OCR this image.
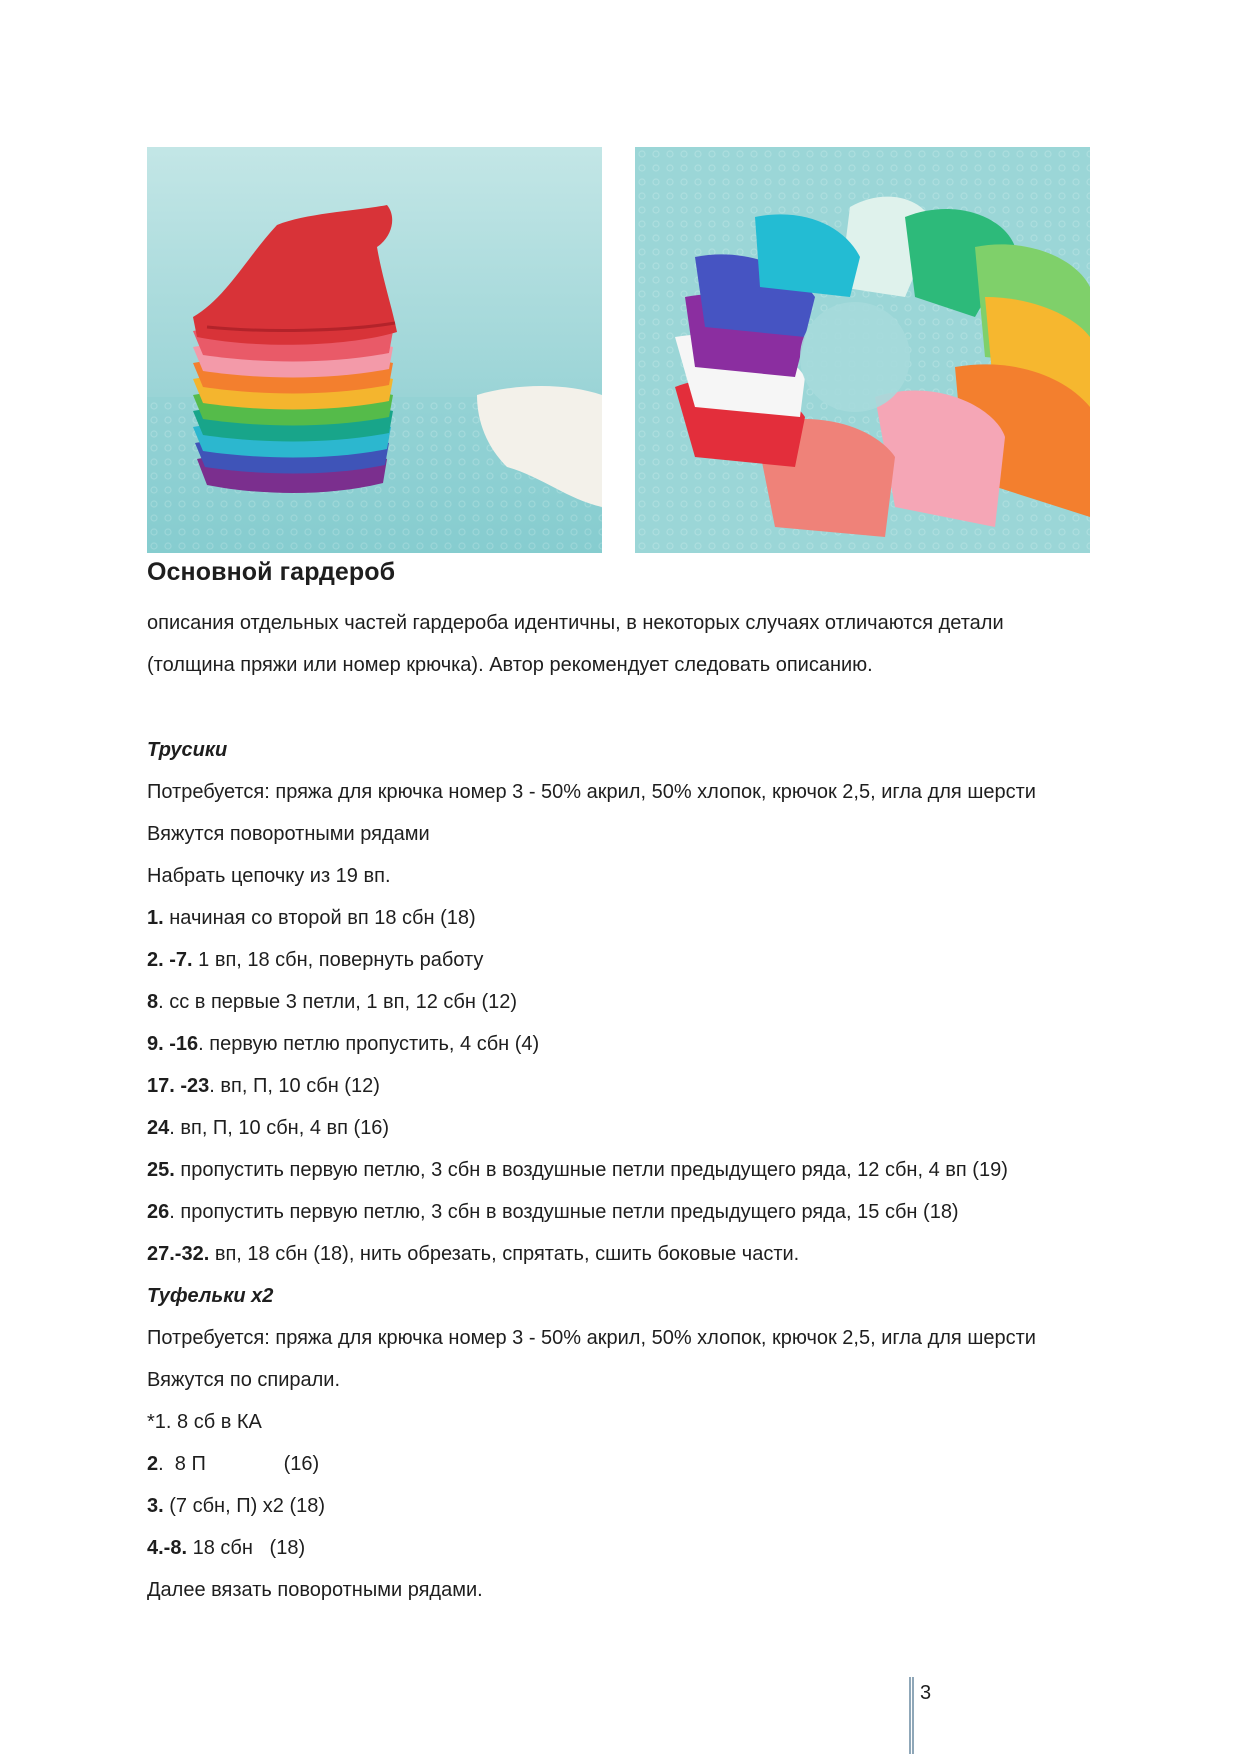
Основной гардероб

описания отдельных частей гардероба идентичны, в некоторых случаях отличаются детали

(толщина пряжи или номер крючка). Автор рекомендует следовать описанию.

Трусики

Потребуется: пряжа для крючка номер 3 - 50% акрил, 50% хлопок, крючок 2,5, игла для шерсти

Вяжутся поворотными рядами

Набрать цепочку из 19 вп.

1. начиная со второй вп 18 сбн (18)

2. -7. 1 вп, 18 сбн, повернуть работу

8. сс в первые 3 петли, 1 вп, 12 сбн (12)

9. -16. первую петлю пропустить, 4 сбн (4)

17. -23. вп, П, 10 сбн (12)

24. вп, П, 10 сбн, 4 вп (16)

25. пропустить первую петлю, 3 сбн в воздушные петли предыдущего ряда, 12 сбн, 4 вп (19)

26. пропустить первую петлю, 3 сбн в воздушные петли предыдущего ряда, 15 сбн (18)

27.-32. вп, 18 сбн (18), нить обрезать, спрятать, сшить боковые части.

Туфельки x2

Потребуется: пряжа для крючка номер 3 - 50% акрил, 50% хлопок, крючок 2,5, игла для шерсти

Вяжутся по спирали.

*1. 8 сб в КА

2.  8 П              (16)

3. (7 сбн, П) x2 (18)

4.-8. 18 сбн   (18)

Далее вязать поворотными рядами.

3
